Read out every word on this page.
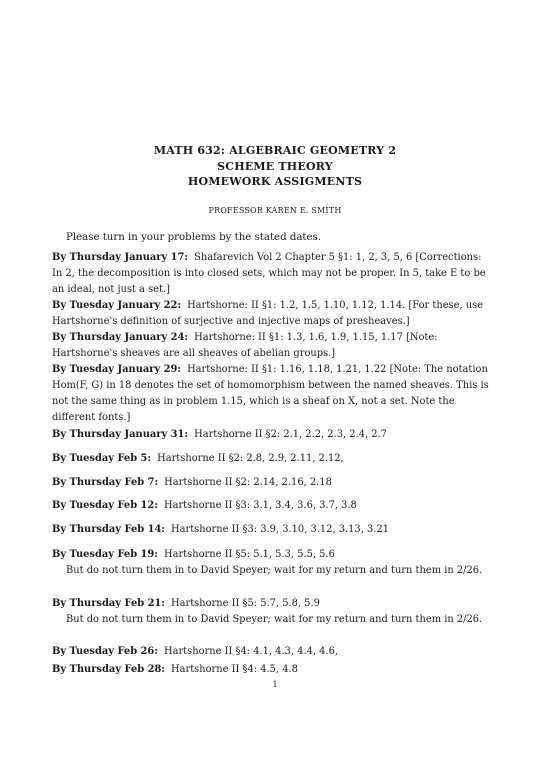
MATH 632: ALGEBRAIC GEOMETRY 2
SCHEME THEORY
HOMEWORK ASSIGMENTS
PROFESSOR KAREN E. SMITH
Please turn in your problems by the stated dates.
By Thursday January 17: Shafarevich Vol 2 Chapter 5 §1: 1, 2, 3, 5, 6 [Corrections: In 2, the decomposition is into closed sets, which may not be proper. In 5, take E to be an ideal, not just a set.]
By Tuesday January 22: Hartshorne: II §1: 1.2, 1.5, 1.10, 1.12, 1.14. [For these, use Hartshorne's definition of surjective and injective maps of presheaves.]
By Thursday January 24: Hartshorne: II §1: 1.3, 1.6, 1.9, 1.15, 1.17 [Note: Hartshorne's sheaves are all sheaves of abelian groups.]
By Tuesday January 29: Hartshorne: II §1: 1.16, 1.18, 1.21, 1.22 [Note: The notation Hom(F, G) in 18 denotes the set of homomorphism between the named sheaves. This is not the same thing as in problem 1.15, which is a sheaf on X, not a set. Note the different fonts.]
By Thursday January 31: Hartshorne II §2: 2.1, 2.2, 2.3, 2.4, 2.7
By Tuesday Feb 5: Hartshorne II §2: 2.8, 2.9, 2.11, 2.12,
By Thursday Feb 7: Hartshorne II §2: 2.14, 2.16, 2.18
By Tuesday Feb 12: Hartshorne II §3: 3.1, 3.4, 3.6, 3.7, 3.8
By Thursday Feb 14: Hartshorne II §3: 3.9, 3.10, 3.12, 3.13, 3.21
By Tuesday Feb 19: Hartshorne II §5: 5.1, 5.3, 5.5, 5.6
But do not turn them in to David Speyer; wait for my return and turn them in 2/26.
By Thursday Feb 21: Hartshorne II §5: 5.7, 5.8, 5.9
But do not turn them in to David Speyer; wait for my return and turn them in 2/26.
By Tuesday Feb 26: Hartshorne II §4: 4.1, 4.3, 4.4, 4.6,
By Thursday Feb 28: Hartshorne II §4: 4.5, 4.8
1
